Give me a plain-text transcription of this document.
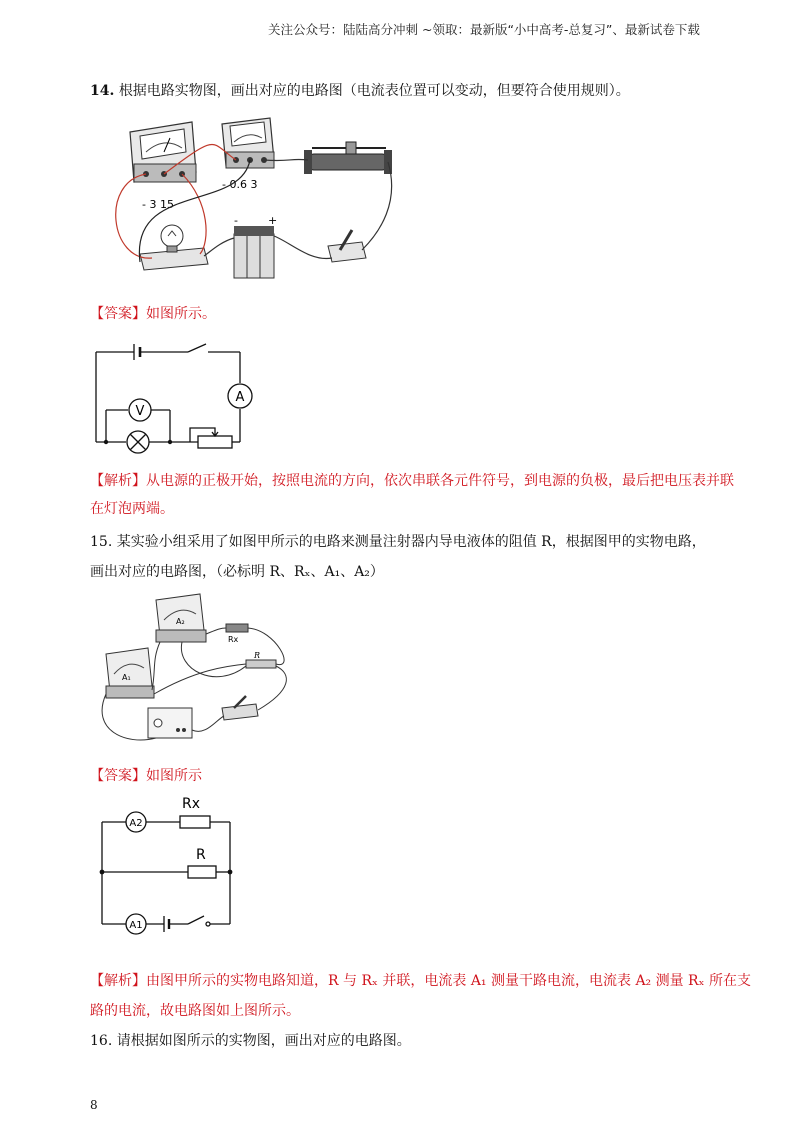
关注公众号：陆陆高分冲刺 ~领取：最新版“小中高考-总复习”、最新试卷下载
14. 根据电路实物图，画出对应的电路图（电流表位置可以变动，但要符合使用规则）。
- 3 15
- 0.6 3
-	+
【答案】如图所示。
A
V
【解析】从电源的正极开始，按照电流的方向，依次串联各元件符号，到电源的负极，最后把电压表并联
在灯泡两端。
15. 某实验小组采用了如图甲所示的电路来测量注射器内导电液体的阻值 R，根据图甲的实物电路，
画出对应的电路图，（必标明 R、Rₓ、A₁、A₂）
A₂
A₁
Rx
R
【答案】如图所示
Rx
R
A2
A1
【解析】由图甲所示的实物电路知道，R 与 Rₓ 并联，电流表 A₁ 测量干路电流，电流表 A₂ 测量 Rₓ 所在支
路的电流，故电路图如上图所示。
16. 请根据如图所示的实物图，画出对应的电路图。
8
